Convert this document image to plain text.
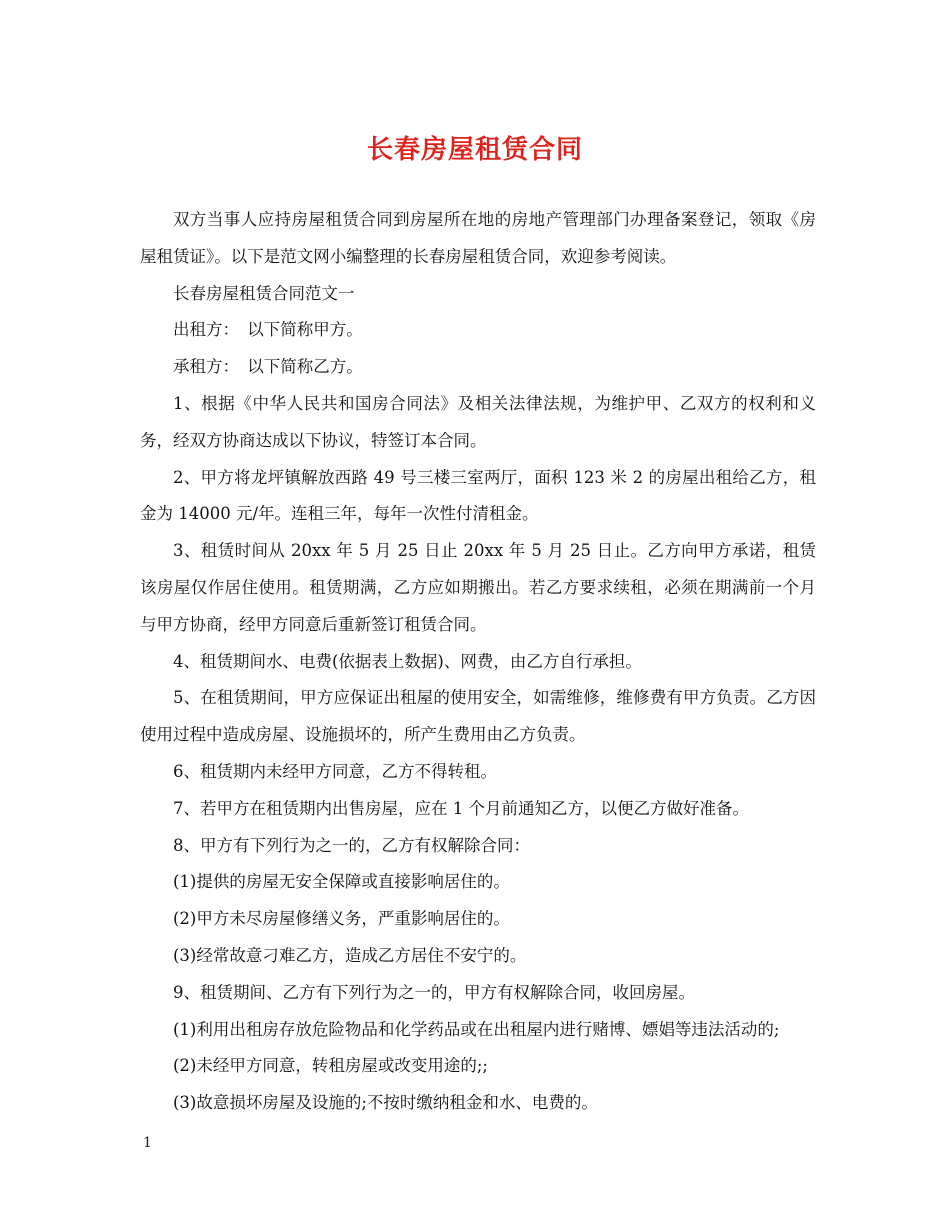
长春房屋租赁合同

双方当事人应持房屋租赁合同到房屋所在地的房地产管理部门办理备案登记，领取《房屋租赁证》。以下是范文网小编整理的长春房屋租赁合同，欢迎参考阅读。

长春房屋租赁合同范文一

出租方：　以下简称甲方。

承租方：　以下简称乙方。

1、根据《中华人民共和国房合同法》及相关法律法规，为维护甲、乙双方的权利和义务，经双方协商达成以下协议，特签订本合同。

2、甲方将龙坪镇解放西路 49 号三楼三室两厅，面积 123 米 2 的房屋出租给乙方，租金为 14000 元/年。连租三年，每年一次性付清租金。

3、租赁时间从 20xx 年 5 月 25 日止 20xx 年 5 月 25 日止。乙方向甲方承诺，租赁该房屋仅作居住使用。租赁期满，乙方应如期搬出。若乙方要求续租，必须在期满前一个月与甲方协商，经甲方同意后重新签订租赁合同。

4、租赁期间水、电费(依据表上数据)、网费，由乙方自行承担。

5、在租赁期间，甲方应保证出租屋的使用安全，如需维修，维修费有甲方负责。乙方因使用过程中造成房屋、设施损坏的，所产生费用由乙方负责。

6、租赁期内未经甲方同意，乙方不得转租。

7、若甲方在租赁期内出售房屋，应在 1 个月前通知乙方，以便乙方做好准备。

8、甲方有下列行为之一的，乙方有权解除合同：

(1)提供的房屋无安全保障或直接影响居住的。

(2)甲方未尽房屋修缮义务，严重影响居住的。

(3)经常故意刁难乙方，造成乙方居住不安宁的。

9、租赁期间、乙方有下列行为之一的，甲方有权解除合同，收回房屋。

(1)利用出租房存放危险物品和化学药品或在出租屋内进行赌博、嫖娼等违法活动的;

(2)未经甲方同意，转租房屋或改变用途的;;

(3)故意损坏房屋及设施的;不按时缴纳租金和水、电费的。

1
